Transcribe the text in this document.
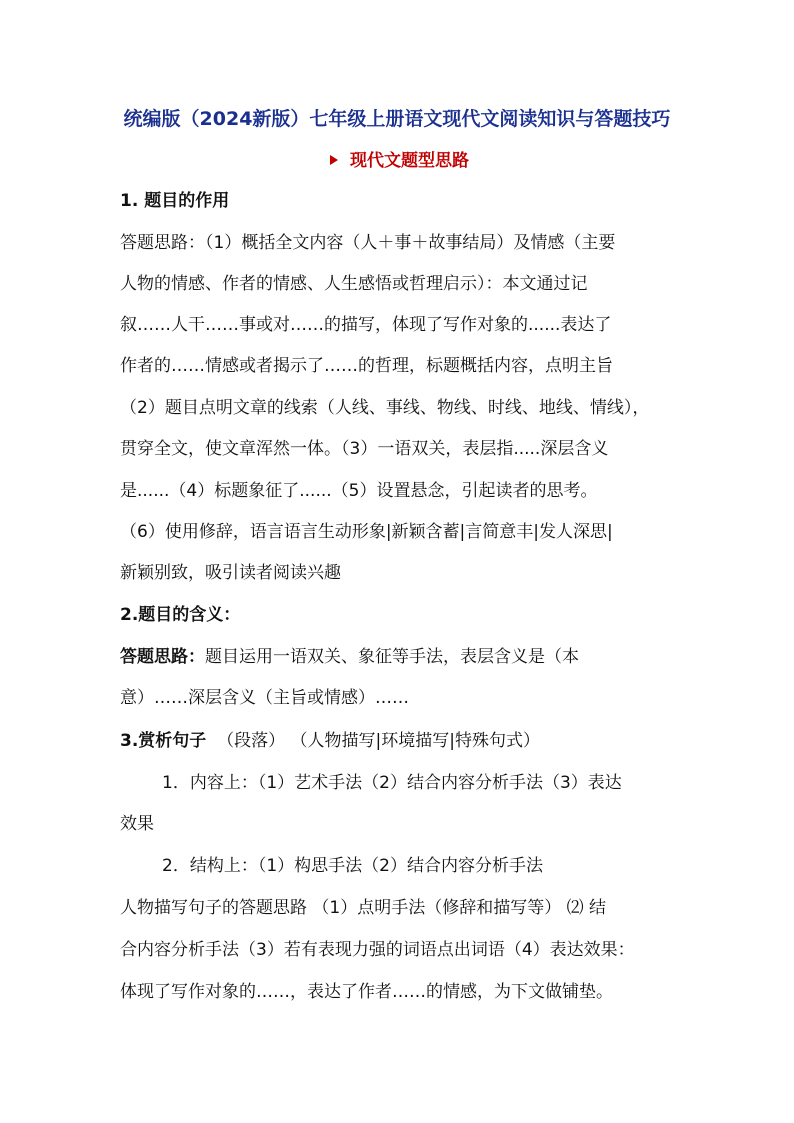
统编版（2024新版）七年级上册语文现代文阅读知识与答题技巧
现代文题型思路
1. 题目的作用
答题思路：（1）概括全文内容（人＋事＋故事结局）及情感（主要
人物的情感、作者的情感、人生感悟或哲理启示）：本文通过记
叙……人干……事或对……的描写，体现了写作对象的......表达了
作者的……情感或者揭示了……的哲理，标题概括内容，点明主旨
（2）题目点明文章的线索（人线、事线、物线、时线、地线、情线），
贯穿全文，使文章浑然一体。（3）一语双关，表层指.....深层含义
是......（4）标题象征了......（5）设置悬念，引起读者的思考。
（6）使用修辞，语言语言生动形象|新颖含蓄|言简意丰|发人深思|
新颖别致，吸引读者阅读兴趣
2.题目的含义：
答题思路：题目运用一语双关、象征等手法，表层含义是（本
意）……深层含义（主旨或情感）……
3.赏析句子 （段落） （人物描写|环境描写|特殊句式）
1．内容上：（1）艺术手法（2）结合内容分析手法（3）表达
效果
2．结构上：（1）构思手法（2）结合内容分析手法
人物描写句子的答题思路 （1）点明手法（修辞和描写等） ⑵ 结
合内容分析手法（3）若有表现力强的词语点出词语（4）表达效果：
体现了写作对象的……，表达了作者……的情感，为下文做铺垫。
